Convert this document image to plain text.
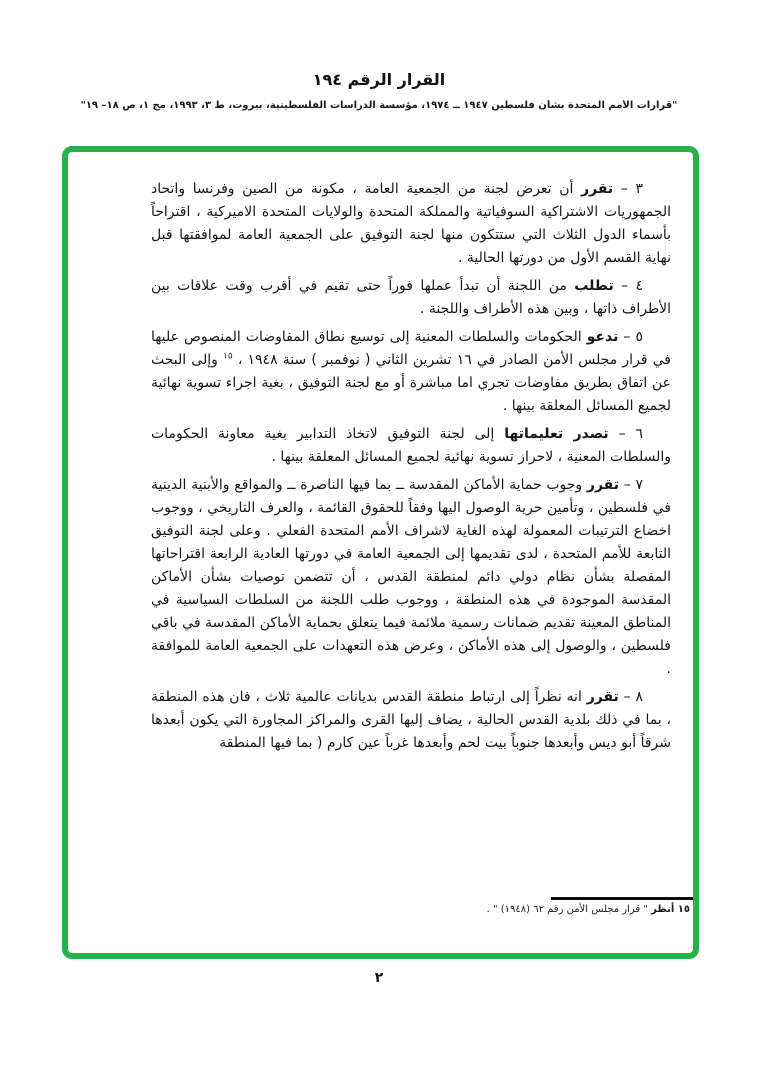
القرار الرقم ١٩٤
"قرارات الأمم المتحدة بشأن فلسطين ١٩٤٧ ــ ١٩٧٤، مؤسسة الدراسات الفلسطينية، بيروت، ط ٣، ١٩٩٣، مج ١، ص ١٨– ١٩"

٣ – تقرر أن تعرض لجنة من الجمعية العامة ، مكونة من الصين وفرنسا واتحاد الجمهوريات الاشتراكية السوفياتية والمملكة المتحدة والولايات المتحدة الاميركية ، اقتراحاً بأسماء الدول الثلاث التي ستتكون منها لجنة التوفيق على الجمعية العامة لموافقتها قبل نهاية القسم الأول من دورتها الحالية .

٤ – تطلب من اللجنة أن تبدأ عملها فوراً حتى تقيم في أقرب وقت علاقات بين الأطراف ذاتها ، وبين هذه الأطراف واللجنة .

٥ – تدعو الحكومات والسلطات المعنية إلى توسيع نطاق المفاوضات المنصوص عليها في قرار مجلس الأمن الصادر في ١٦ تشرين الثاني ( نوفمبر ) سنة ١٩٤٨ ، $^{١٥}$ وإلى البحث عن اتفاق بطريق مفاوضات تجري اما مباشرة أو مع لجنة التوفيق ، بغية اجراء تسوية نهائية لجميع المسائل المعلقة بينها .

٦ – تصدر تعليماتها إلى لجنة التوفيق لاتخاذ التدابير بغية معاونة الحكومات والسلطات المعنية ، لاحراز تسوية نهائية لجميع المسائل المعلقة بينها .

٧ – تقرر وجوب حماية الأماكن المقدسة ــ بما فيها الناصرة ــ والمواقع والأبنية الدينية في فلسطين ، وتأمين حرية الوصول اليها وفقاً للحقوق القائمة ، والعرف التاريخي ، ووجوب اخضاع الترتيبات المعمولة لهذه الغاية لاشراف الأمم المتحدة الفعلي . وعلى لجنة التوفيق التابعة للأمم المتحدة ، لدى تقديمها إلى الجمعية العامة في دورتها العادية الرابعة اقتراحاتها المفصلة بشأن نظام دولي دائم لمنطقة القدس ، أن تتضمن توصيات بشأن الأماكن المقدسة الموجودة في هذه المنطقة ، ووجوب طلب اللجنة من السلطات السياسية في المناطق المعينة تقديم ضمانات رسمية ملائمة فيما يتعلق بحماية الأماكن المقدسة في باقي فلسطين ، والوصول إلى هذه الأماكن ، وعرض هذه التعهدات على الجمعية العامة للموافقة .

٨ – تقرر انه نظراً إلى ارتباط منطقة القدس بديانات عالمية ثلاث ، فان هذه المنطقة ، بما في ذلك بلدية القدس الحالية ، يضاف إليها القرى والمراكز المجاورة التي يكون أبعدها شرقاً أبو ديس وأبعدها جنوباً بيت لحم وأبعدها غرباً عين كارم ( بما فيها المنطقة

١٥ أنظر " قرار مجلس الأمن رقم ٦٢ (١٩٤٨) " .
٢
